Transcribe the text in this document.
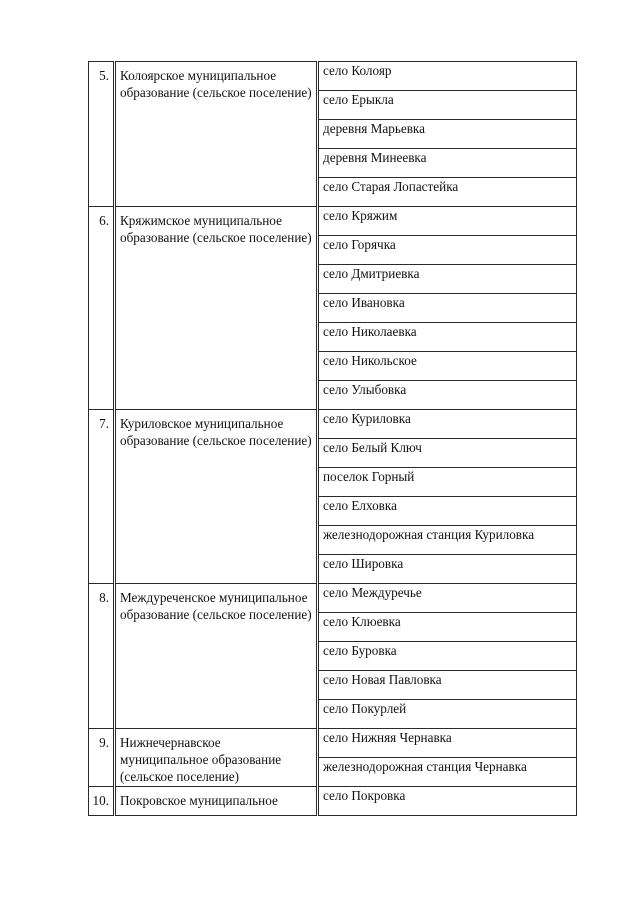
5.	Колоярское муниципальное образование (сельское поселение)	село Колояр
		село Ерыкла
		деревня Марьевка
		деревня Минеевка
		село Старая Лопастейка
6.	Кряжимское муниципальное образование (сельское поселение)	село Кряжим
		село Горячка
		село Дмитриевка
		село Ивановка
		село Николаевка
		село Никольское
		село Улыбовка
7.	Куриловское муниципальное образование (сельское поселение)	село Куриловка
		село Белый Ключ
		поселок Горный
		село Елховка
		железнодорожная станция Куриловка
		село Шировка
8.	Междуреченское муниципальное образование (сельское поселение)	село Междуречье
		село Клюевка
		село Буровка
		село Новая Павловка
		село Покурлей
9.	Нижнечернавское муниципальное образование (сельское поселение)	село Нижняя Чернавка
		железнодорожная станция Чернавка
10.	Покровское муниципальное	село Покровка
